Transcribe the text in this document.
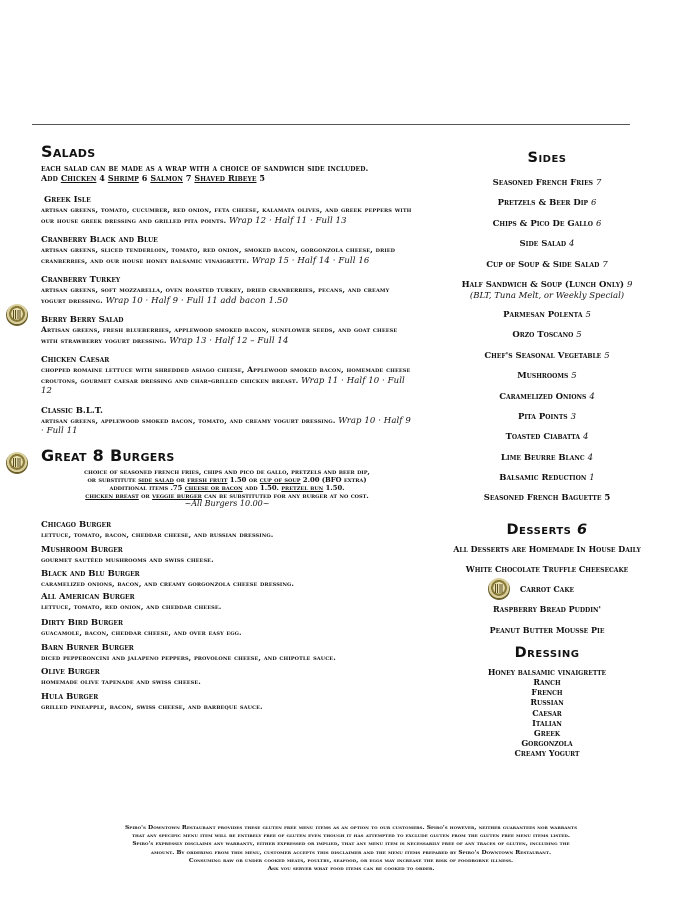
Salads
each salad can be made as a wrap with a choice of sandwich side included.
Add Chicken 4 Shrimp 6 Salmon 7 Shaved Ribeye 5
Greek Isle
artisan greens, tomato, cucumber, red onion, feta cheese, kalamata olives, and greek peppers with our house greek dressing and grilled pita points. Wrap 12 · Half 11 · Full 13
Cranberry Black and Blue
artisan greens, sliced tenderloin, tomato, red onion, smoked bacon, gorgonzola cheese, dried cranberries, and our house honey balsamic vinaigrette. Wrap 15 · Half 14 · Full 16
Cranberry Turkey
artisan greens, soft mozzarella, oven roasted turkey, dried cranberries, pecans, and creamy yogurt dressing. Wrap 10 · Half 9 · Full 11 add bacon 1.50
Berry Berry Salad
Artisan greens, fresh blueberries, applewood smoked bacon, sunflower seeds, and goat cheese with strawberry yogurt dressing. Wrap 13 · Half 12 – Full 14
Chicken Caesar
chopped romaine lettuce with shredded asiago cheese, Applewood smoked bacon, homemade cheese croutons, gourmet caesar dressing and char-grilled chicken breast. Wrap 11 · Half 10 · Full 12
Classic B.L.T.
artisan greens, applewood smoked bacon, tomato, and creamy yogurt dressing. Wrap 10 · Half 9 · Full 11
Great 8 Burgers
choice of seasoned french fries, chips and pico de gallo, pretzels and beer dip,
or substitute side salad or fresh fruit 1.50 or cup of soup 2.00 (BFO extra)
additional items .75 cheese or bacon add 1.50. pretzel bun 1.50.
chicken breast or veggie burger can be substituted for any burger at no cost.
~All Burgers 10.00~
Chicago Burger
lettuce, tomato, bacon, cheddar cheese, and russian dressing.
Mushroom Burger
gourmet sautéed mushrooms and swiss cheese.
Black and Blu Burger
caramelized onions, bacon, and creamy gorgonzola cheese dressing.
All American Burger
lettuce, tomato, red onion, and cheddar cheese.
Dirty Bird Burger
guacamole, bacon, cheddar cheese, and over easy egg.
Barn Burner Burger
diced pepperoncini and jalapeno peppers, provolone cheese, and chipotle sauce.
Olive Burger
homemade olive tapenade and swiss cheese.
Hula Burger
grilled pineapple, bacon, swiss cheese, and barbeque sauce.
Sides
Seasoned French Fries 7
Pretzels & Beer Dip 6
Chips & Pico De Gallo 6
Side Salad 4
Cup of Soup & Side Salad 7
Half Sandwich & Soup (Lunch Only) 9
(BLT, Tuna Melt, or Weekly Special)
Parmesan Polenta 5
Orzo Toscano 5
Chef's Seasonal Vegetable 5
Mushrooms 5
Caramelized Onions 4
Pita Points 3
Toasted Ciabatta 4
Lime Beurre Blanc 4
Balsamic Reduction 1
Seasoned French Baguette 5
Desserts 6
All Desserts are Homemade In House Daily
White Chocolate Truffle Cheesecake
Carrot Cake
Raspberry Bread Puddin'
Peanut Butter Mousse Pie
Dressing
Honey balsamic vinaigrette
Ranch
French
Russian
Caesar
Italian
Greek
Gorgonzola
Creamy Yogurt
Spiro's Downtown Restaurant provides these gluten free menu items as an option to our customers. Spiro's however, neither guarantees nor warrants
that any specific menu item will be entirely free of gluten even though it has attempted to exclude gluten from the gluten free menu items listed.
Spiro's expressly disclaims any warranty, either expressed or implied, that any menu item is necessarily free of any traces of gluten, including the
amount. By ordering from this menu, customer accepts this disclaimer and the menu items prepared by Spiro's Downtown Restaurant.
Consuming raw or under cooked meats, poultry, seafood, or eggs may increase the risk of foodborne illness.
Ask you server what food items can be cooked to order.
